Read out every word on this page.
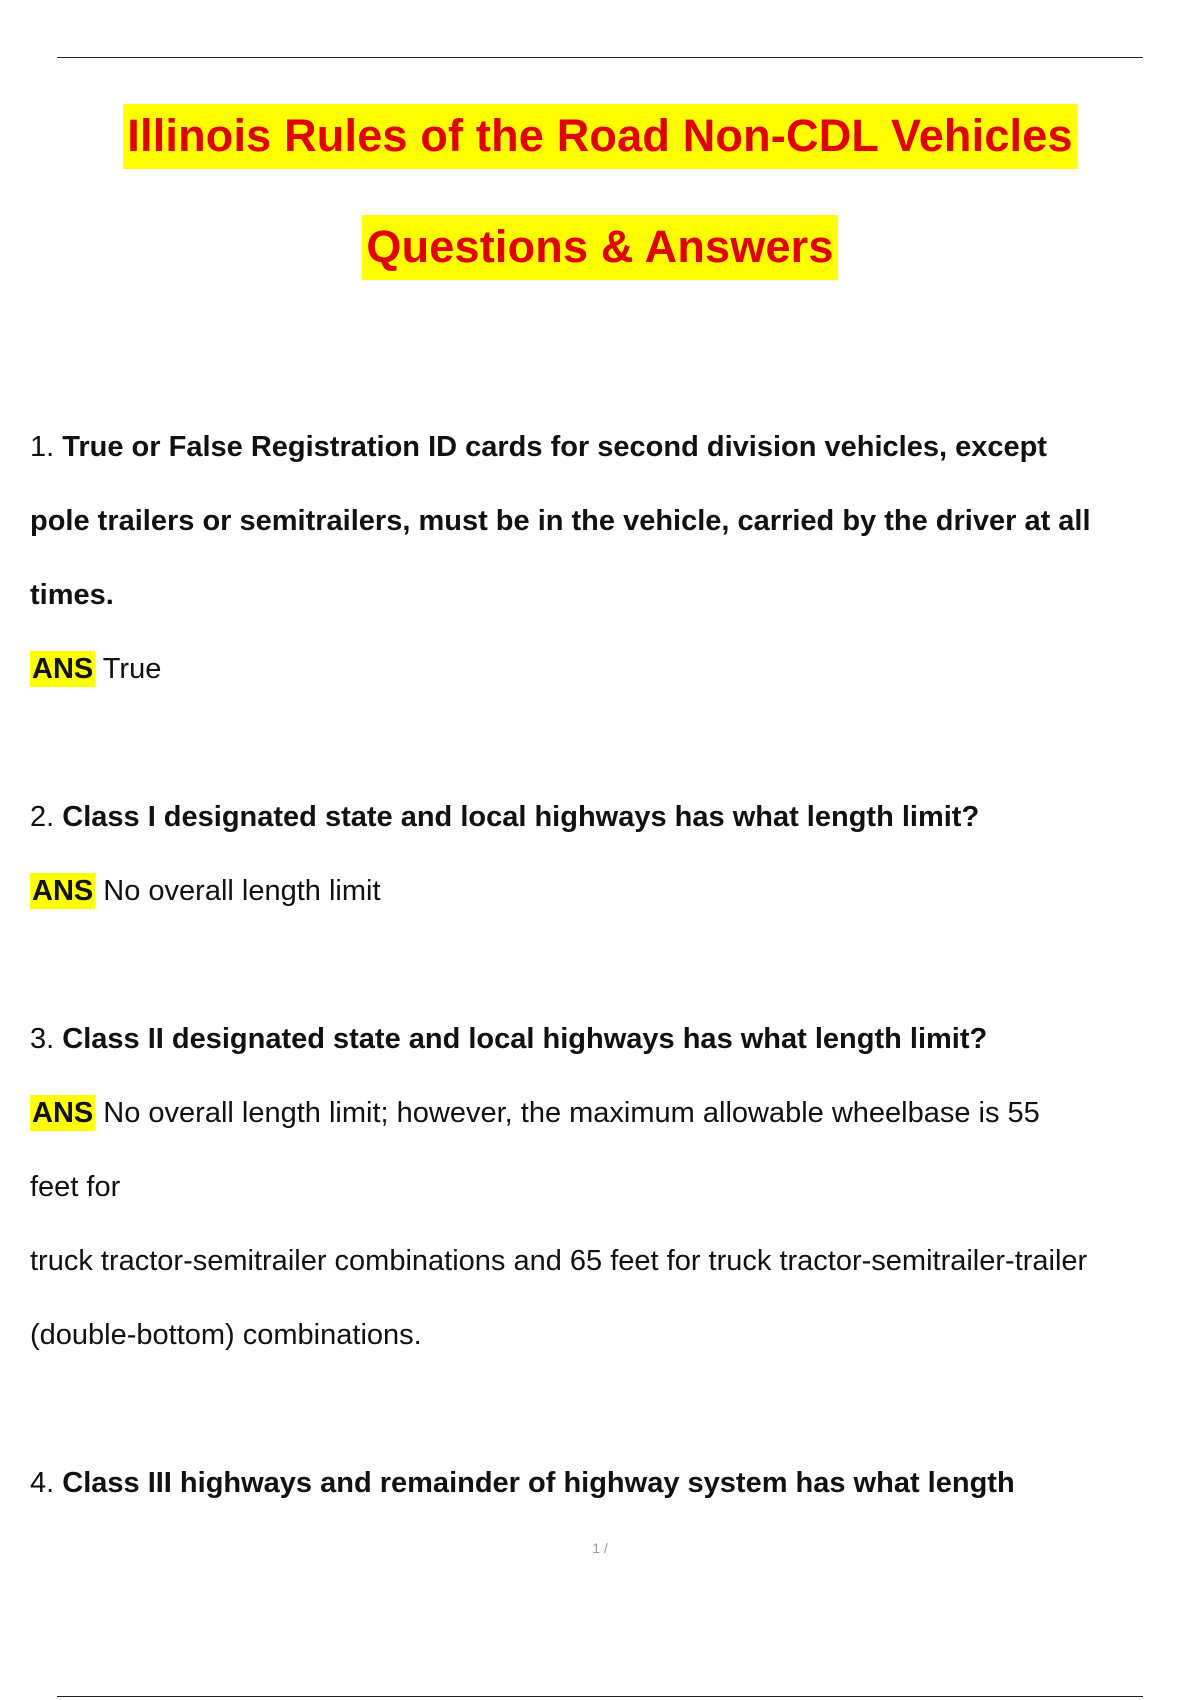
Illinois Rules of the Road Non-CDL Vehicles
Questions & Answers
1. True or False Registration ID cards for second division vehicles, except
pole trailers or semitrailers, must be in the vehicle, carried by the driver at all
times.
ANS True
2. Class I designated state and local highways has what length limit?
ANS No overall length limit
3. Class II designated state and local highways has what length limit?
ANS No overall length limit; however, the maximum allowable wheelbase is 55
feet for
truck tractor-semitrailer combinations and 65 feet for truck tractor-semitrailer-trailer
(double-bottom) combinations.
4. Class III highways and remainder of highway system has what length
1 /
